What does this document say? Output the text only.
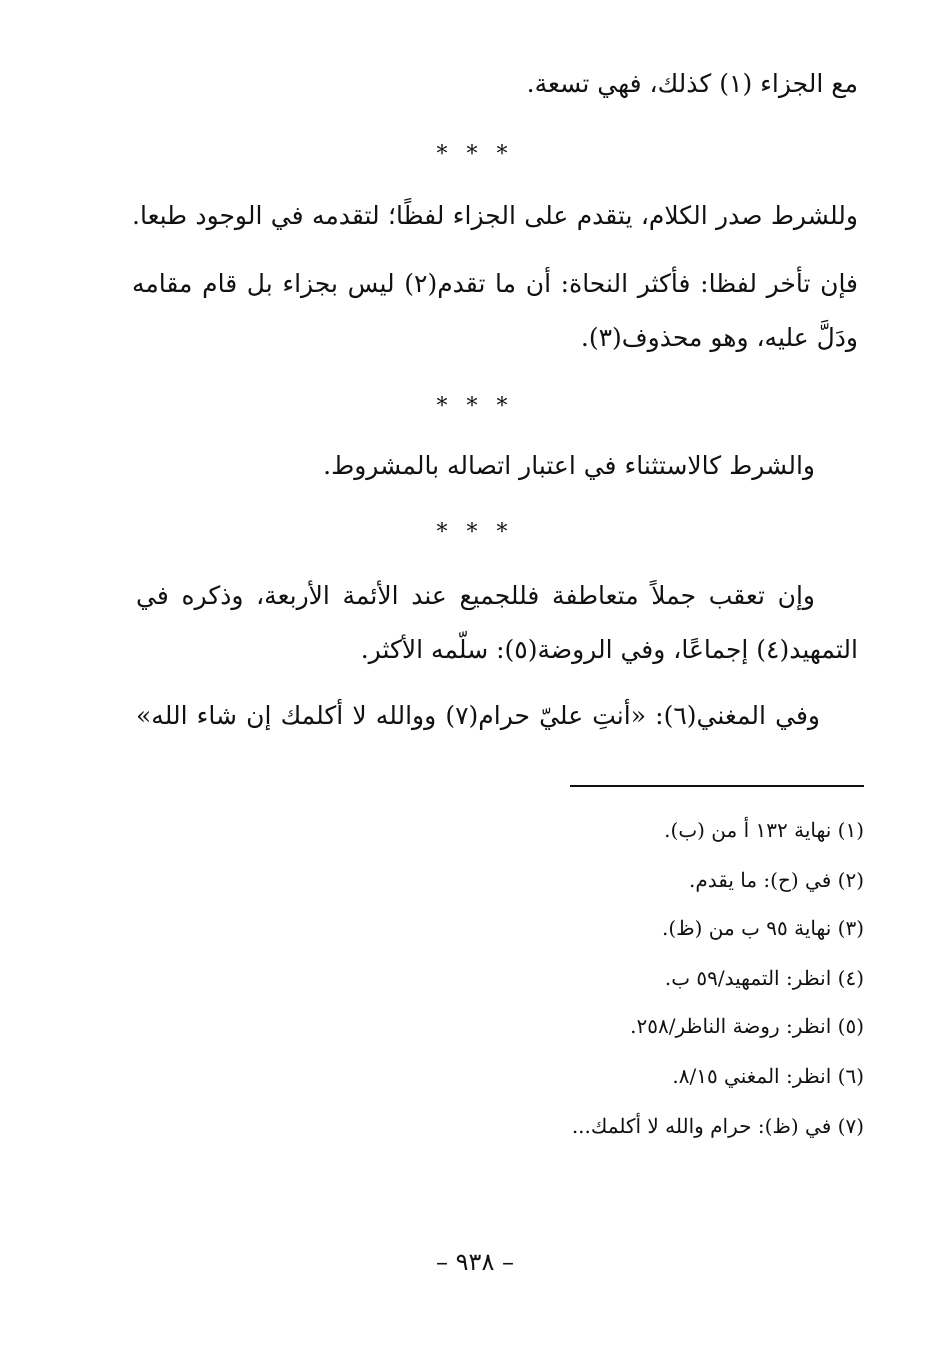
مع الجزاء (١) كذلك، فهي تسعة.
* * *
وللشرط صدر الكلام، يتقدم على الجزاء لفظًا؛ لتقدمه في الوجود طبعا.
فإن تأخر لفظا: فأكثر النحاة: أن ما تقدم(٢) ليس بجزاء بل قام مقامه
ودَلَّ عليه، وهو محذوف(٣).
* * *
والشرط كالاستثناء في اعتبار اتصاله بالمشروط.
* * *
وإن تعقب جملاً متعاطفة فللجميع عند الأئمة الأربعة، وذكره في
التمهيد(٤) إجماعًا، وفي الروضة(٥): سلّمه الأكثر.
وفي المغني(٦): «أنتِ عليّ حرام(٧) ووالله لا أكلمك إن شاء الله»
(١) نهاية ١٣٢ أ من (ب).
(٢) في (ح): ما يقدم.
(٣) نهاية ٩٥ ب من (ظ).
(٤) انظر: التمهيد/٥٩ ب.
(٥) انظر: روضة الناظر/٢٥٨.
(٦) انظر: المغني ٨/١٥.
(٧) في (ظ): حرام والله لا أكلمك...
– ٩٣٨ –
